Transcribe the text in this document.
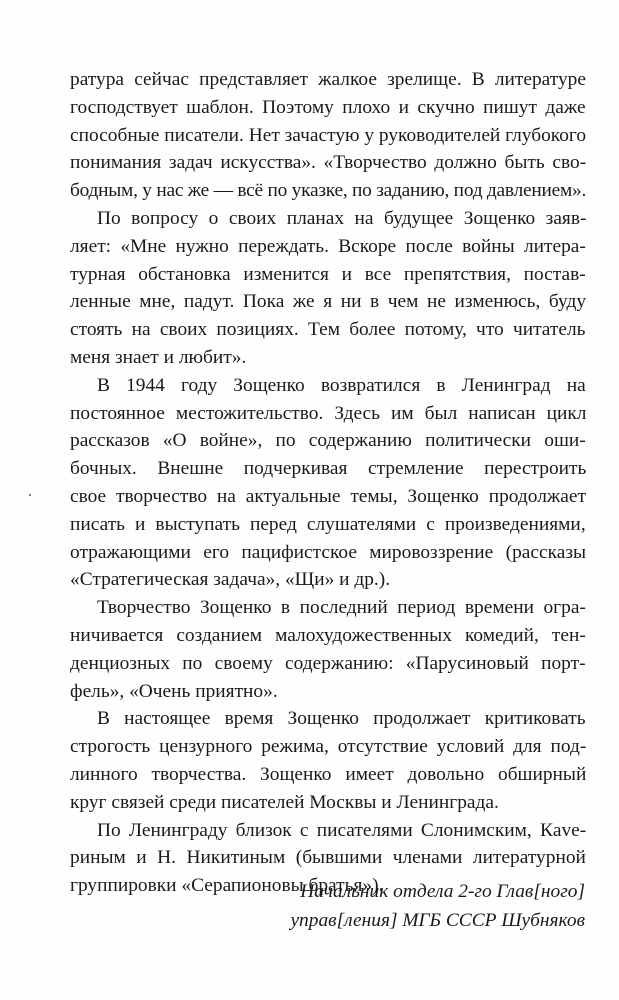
ратура сейчас представляет жалкое зрелище. В литературе
господствует шаблон. Поэтому плохо и скучно пишут даже
способные писатели. Нет зачастую у руководителей глубокого
понимания задач искусства». «Творчество должно быть сво-
бодным, у нас же — всё по указке, по заданию, под давлением».
По вопросу о своих планах на будущее Зощенко заяв-
ляет: «Мне нужно переждать. Вскоре после войны литера-
турная обстановка изменится и все препятствия, постав-
ленные мне, падут. Пока же я ни в чем не изменюсь, буду
стоять на своих позициях. Тем более потому, что читатель
меня знает и любит».
В 1944 году Зощенко возвратился в Ленинград на
постоянное местожительство. Здесь им был написан цикл
рассказов «О войне», по содержанию политически оши-
бочных. Внешне подчеркивая стремление перестроить
свое творчество на актуальные темы, Зощенко продолжает
писать и выступать перед слушателями с произведениями,
отражающими его пацифистское мировоззрение (рассказы
«Стратегическая задача», «Щи» и др.).
Творчество Зощенко в последний период времени огра-
ничивается созданием малохудожественных комедий, тен-
денциозных по своему содержанию: «Парусиновый порт-
фель», «Очень приятно».
В настоящее время Зощенко продолжает критиковать
строгость цензурного режима, отсутствие условий для под-
линного творчества. Зощенко имеет довольно обширный
круг связей среди писателей Москвы и Ленинграда.
По Ленинграду близок с писателями Слонимским, Кave-
риным и Н. Никитиным (бывшими членами литературной
группировки «Серапионовы братья»).
Начальник отдела 2-го Глав[ного]
управ[ления] МГБ СССР Шубняков
